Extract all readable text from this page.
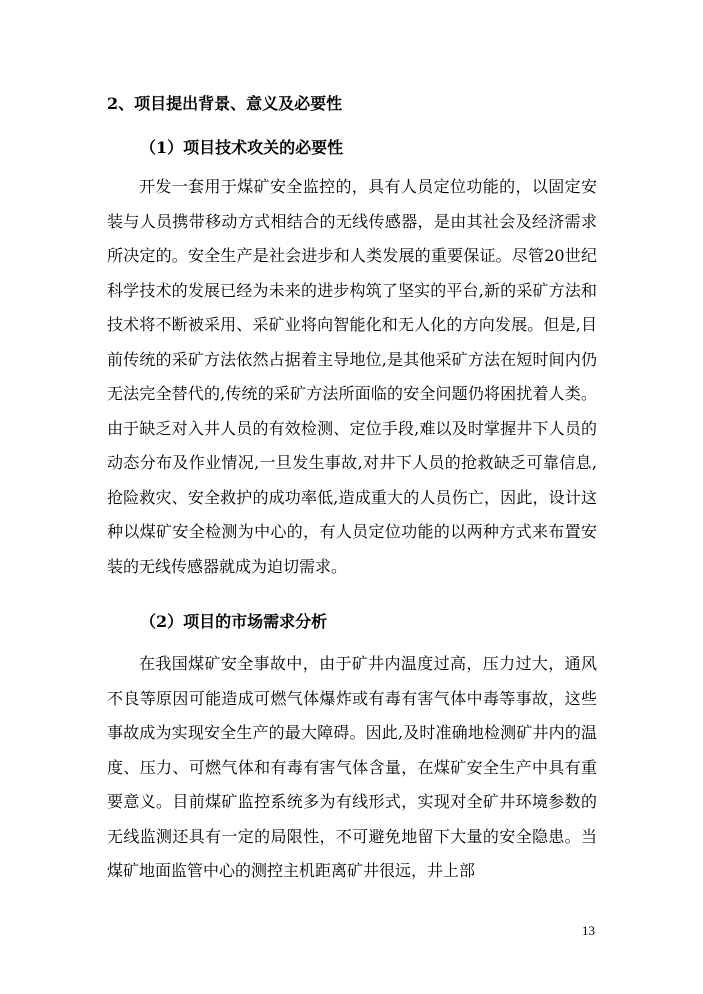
2、项目提出背景、意义及必要性
（1）项目技术攻关的必要性

开发一套用于煤矿安全监控的，具有人员定位功能的，以固定安装与人员携带移动方式相结合的无线传感器，是由其社会及经济需求所决定的。安全生产是社会进步和人类发展的重要保证。尽管20世纪科学技术的发展已经为未来的进步构筑了坚实的平台,新的采矿方法和技术将不断被采用、采矿业将向智能化和无人化的方向发展。但是,目前传统的采矿方法依然占据着主导地位,是其他采矿方法在短时间内仍无法完全替代的,传统的采矿方法所面临的安全问题仍将困扰着人类。由于缺乏对入井人员的有效检测、定位手段,难以及时掌握井下人员的动态分布及作业情况,一旦发生事故,对井下人员的抢救缺乏可靠信息,抢险救灾、安全救护的成功率低,造成重大的人员伤亡，因此，设计这种以煤矿安全检测为中心的，有人员定位功能的以两种方式来布置安装的无线传感器就成为迫切需求。

（2）项目的市场需求分析

在我国煤矿安全事故中，由于矿井内温度过高，压力过大，通风不良等原因可能造成可燃气体爆炸或有毒有害气体中毒等事故，这些事故成为实现安全生产的最大障碍。因此,及时准确地检测矿井内的温度、压力、可燃气体和有毒有害气体含量，在煤矿安全生产中具有重要意义。目前煤矿监控系统多为有线形式，实现对全矿井环境参数的无线监测还具有一定的局限性，不可避免地留下大量的安全隐患。当煤矿地面监管中心的测控主机距离矿井很远，井上部

13
